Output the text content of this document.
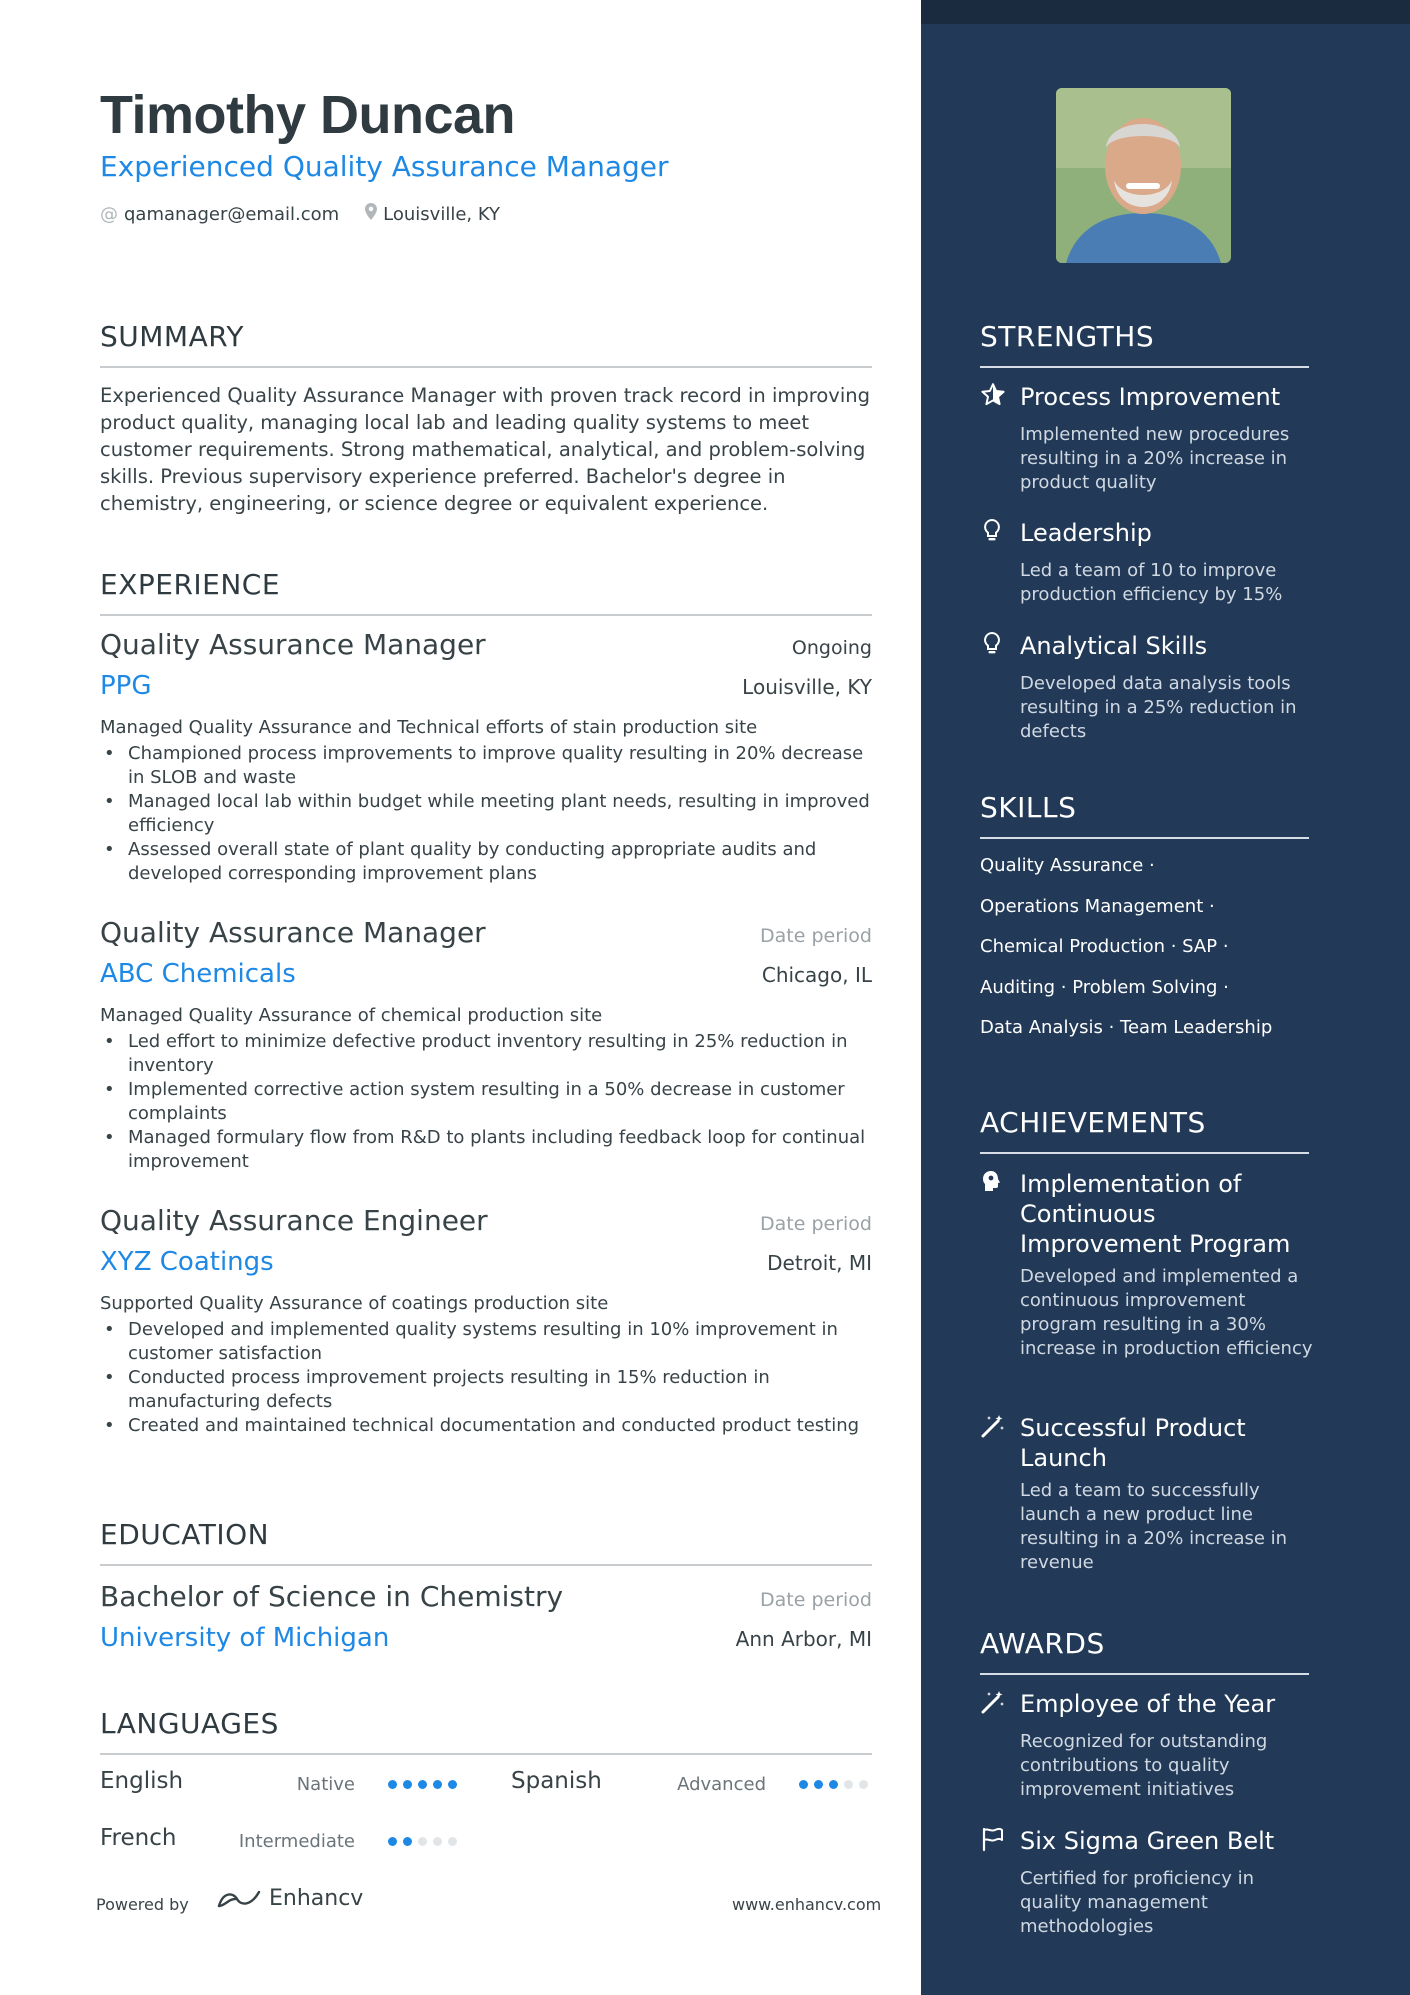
Timothy Duncan
Experienced Quality Assurance Manager
@ qamanager@email.com Louisville, KY
SUMMARY
Experienced Quality Assurance Manager with proven track record in improving product quality, managing local lab and leading quality systems to meet customer requirements. Strong mathematical, analytical, and problem-solving skills. Previous supervisory experience preferred. Bachelor's degree in chemistry, engineering, or science degree or equivalent experience.
EXPERIENCE
Quality Assurance Manager	Ongoing
PPG	Louisville, KY
Managed Quality Assurance and Technical efforts of stain production site
• Championed process improvements to improve quality resulting in 20% decrease in SLOB and waste
• Managed local lab within budget while meeting plant needs, resulting in improved efficiency
• Assessed overall state of plant quality by conducting appropriate audits and developed corresponding improvement plans
Quality Assurance Manager	Date period
ABC Chemicals	Chicago, IL
Managed Quality Assurance of chemical production site
• Led effort to minimize defective product inventory resulting in 25% reduction in inventory
• Implemented corrective action system resulting in a 50% decrease in customer complaints
• Managed formulary flow from R&D to plants including feedback loop for continual improvement
Quality Assurance Engineer	Date period
XYZ Coatings	Detroit, MI
Supported Quality Assurance of coatings production site
• Developed and implemented quality systems resulting in 10% improvement in customer satisfaction
• Conducted process improvement projects resulting in 15% reduction in manufacturing defects
• Created and maintained technical documentation and conducted product testing
EDUCATION
Bachelor of Science in Chemistry	Date period
University of Michigan	Ann Arbor, MI
LANGUAGES
English	Native	Spanish	Advanced
French	Intermediate
Powered by	Enhancv	www.enhancv.com
STRENGTHS
Process Improvement
Implemented new procedures resulting in a 20% increase in product quality
Leadership
Led a team of 10 to improve production efficiency by 15%
Analytical Skills
Developed data analysis tools resulting in a 25% reduction in defects
SKILLS
Quality Assurance ·
Operations Management ·
Chemical Production · SAP ·
Auditing · Problem Solving ·
Data Analysis · Team Leadership
ACHIEVEMENTS
Implementation of Continuous Improvement Program
Developed and implemented a continuous improvement program resulting in a 30% increase in production efficiency
Successful Product Launch
Led a team to successfully launch a new product line resulting in a 20% increase in revenue
AWARDS
Employee of the Year
Recognized for outstanding contributions to quality improvement initiatives
Six Sigma Green Belt
Certified for proficiency in quality management methodologies
